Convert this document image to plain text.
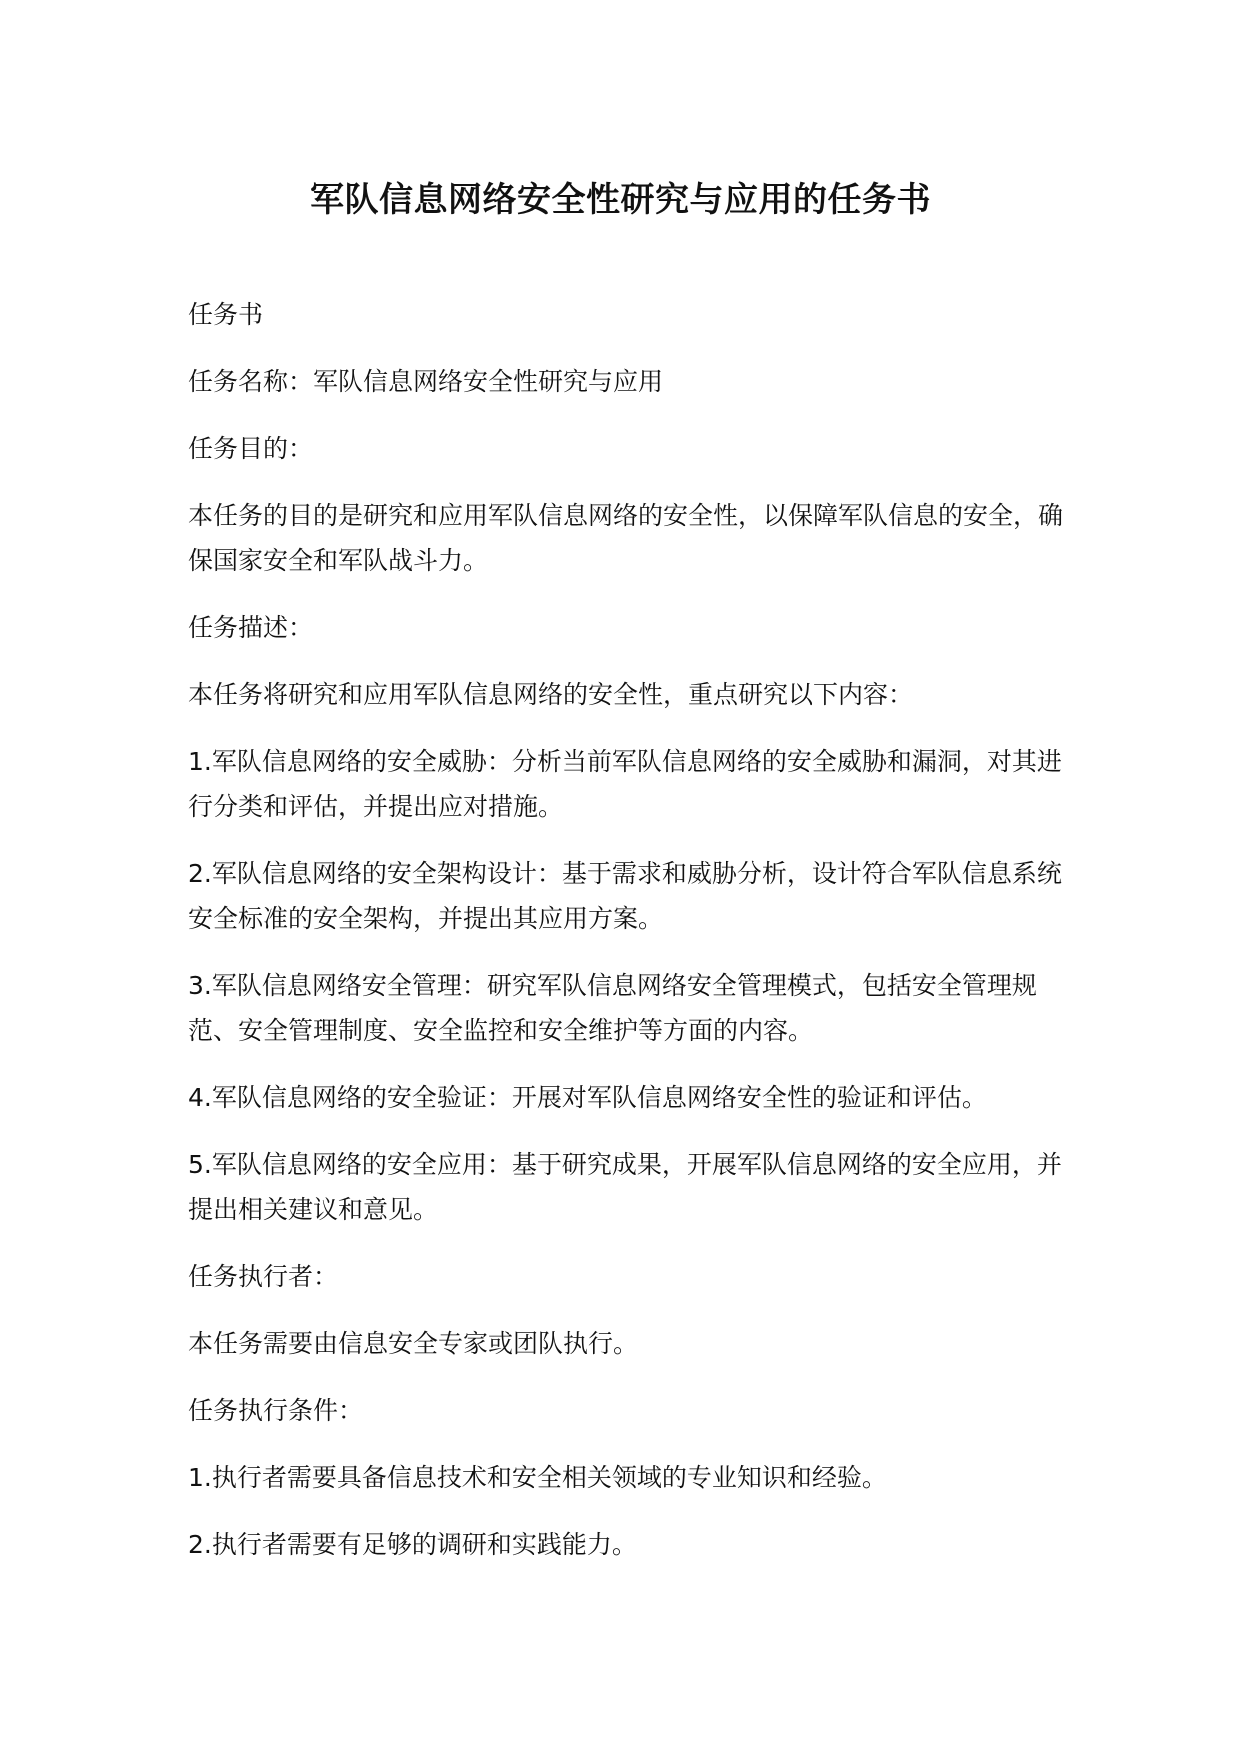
军队信息网络安全性研究与应用的任务书

任务书

任务名称：军队信息网络安全性研究与应用

任务目的：

本任务的目的是研究和应用军队信息网络的安全性，以保障军队信息的安全，确保国家安全和军队战斗力。

任务描述：

本任务将研究和应用军队信息网络的安全性，重点研究以下内容：

1.军队信息网络的安全威胁：分析当前军队信息网络的安全威胁和漏洞，对其进行分类和评估，并提出应对措施。

2.军队信息网络的安全架构设计：基于需求和威胁分析，设计符合军队信息系统安全标准的安全架构，并提出其应用方案。

3.军队信息网络安全管理：研究军队信息网络安全管理模式，包括安全管理规范、安全管理制度、安全监控和安全维护等方面的内容。

4.军队信息网络的安全验证：开展对军队信息网络安全性的验证和评估。

5.军队信息网络的安全应用：基于研究成果，开展军队信息网络的安全应用，并提出相关建议和意见。

任务执行者：

本任务需要由信息安全专家或团队执行。

任务执行条件：

1.执行者需要具备信息技术和安全相关领域的专业知识和经验。

2.执行者需要有足够的调研和实践能力。
